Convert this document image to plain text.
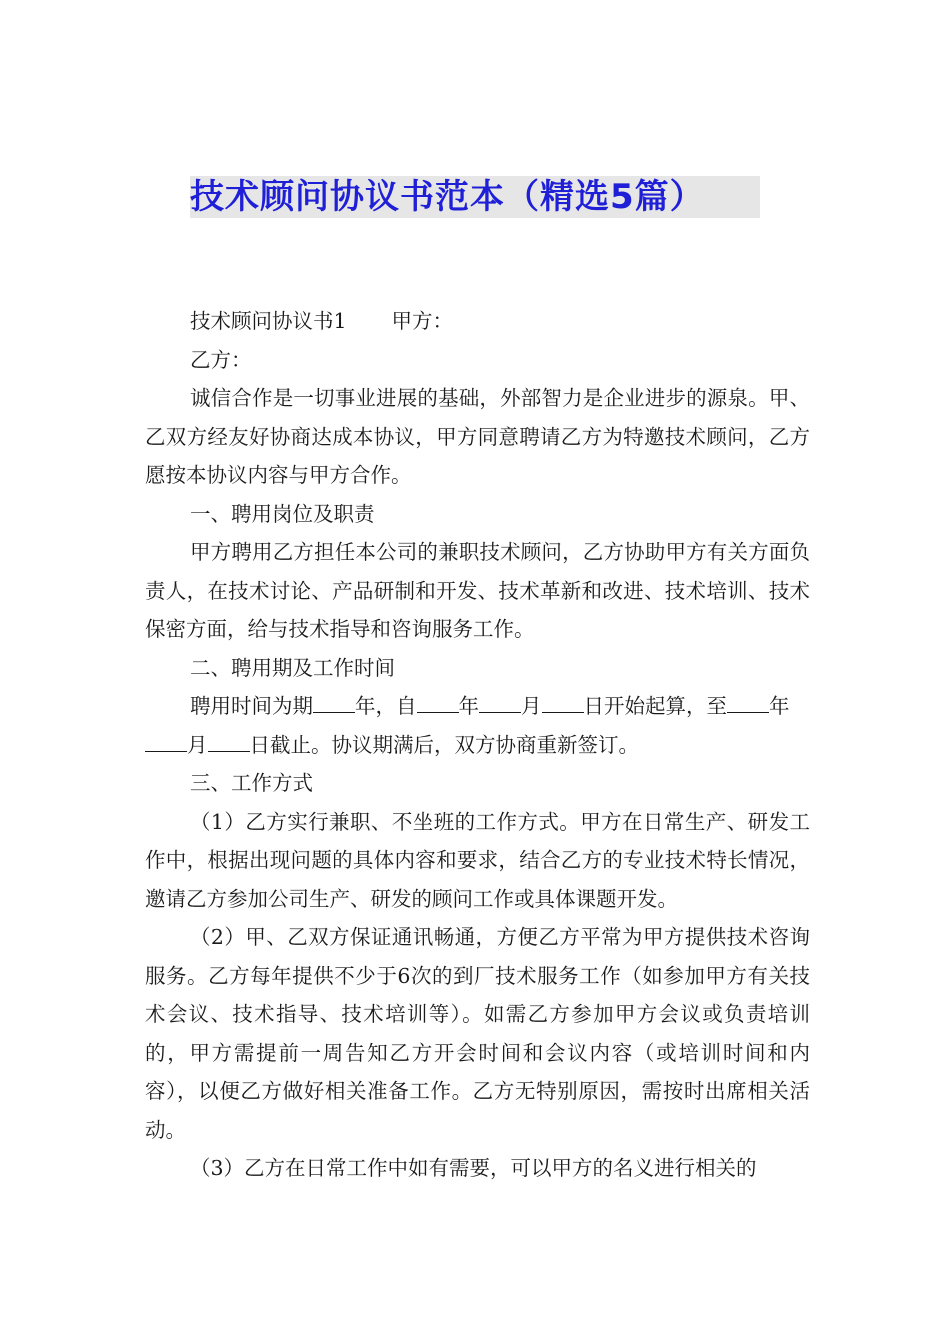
技术顾问协议书范本（精选5篇）

技术顾问协议书1 甲方：

乙方：

诚信合作是一切事业进展的基础，外部智力是企业进步的源泉。甲、乙双方经友好协商达成本协议，甲方同意聘请乙方为特邀技术顾问，乙方愿按本协议内容与甲方合作。

一、聘用岗位及职责

甲方聘用乙方担任本公司的兼职技术顾问，乙方协助甲方有关方面负责人，在技术讨论、产品研制和开发、技术革新和改进、技术培训、技术保密方面，给与技术指导和咨询服务工作。

二、聘用期及工作时间

聘用时间为期 年，自 年 月 日开始起算，至 年月 日截止。协议期满后，双方协商重新签订。

三、工作方式

（1）乙方实行兼职、不坐班的工作方式。甲方在日常生产、研发工作中，根据出现问题的具体内容和要求，结合乙方的专业技术特长情况，邀请乙方参加公司生产、研发的顾问工作或具体课题开发。

（2）甲、乙双方保证通讯畅通，方便乙方平常为甲方提供技术咨询服务。乙方每年提供不少于6次的到厂技术服务工作（如参加甲方有关技术会议、技术指导、技术培训等）。如需乙方参加甲方会议或负责培训的，甲方需提前一周告知乙方开会时间和会议内容（或培训时间和内容），以便乙方做好相关准备工作。乙方无特别原因，需按时出席相关活动。

（3）乙方在日常工作中如有需要，可以甲方的名义进行相关的
